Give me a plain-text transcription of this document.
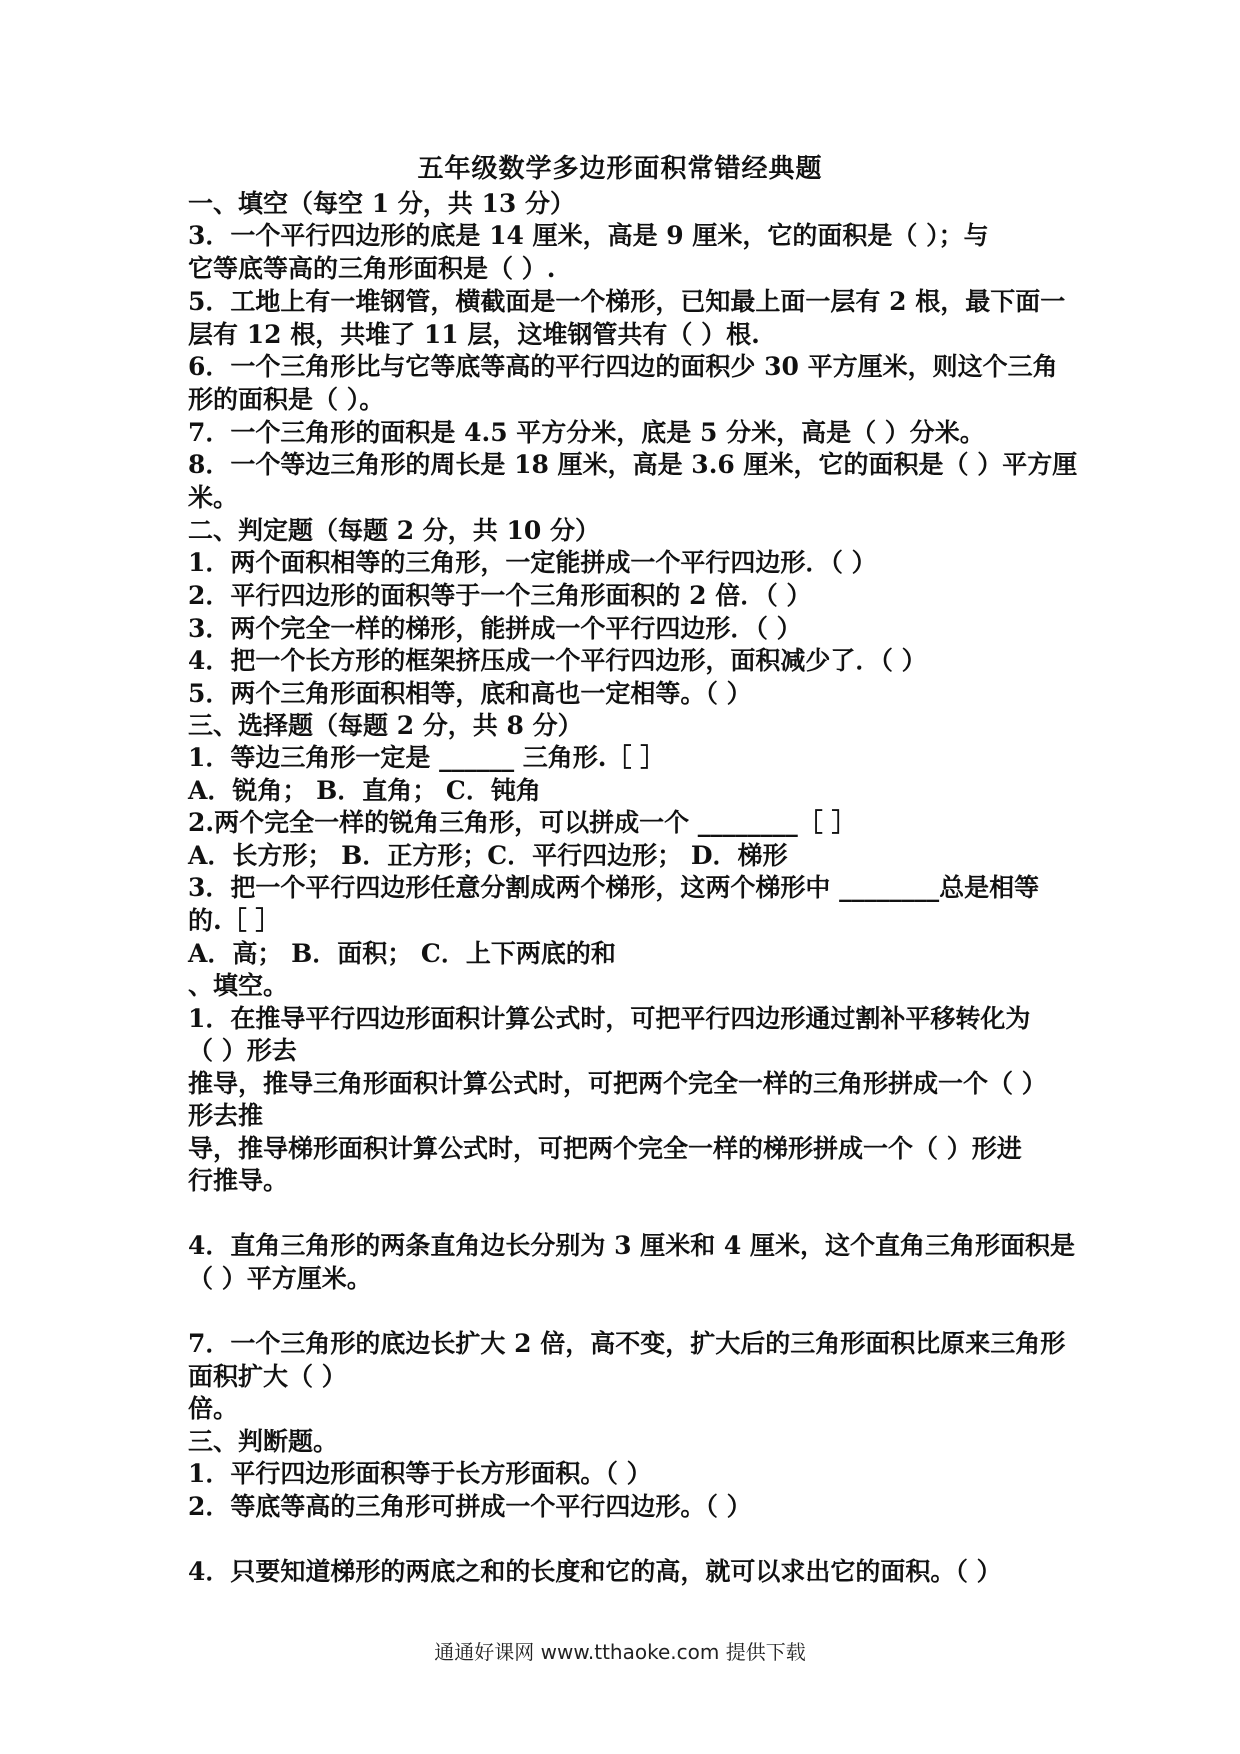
五年级数学多边形面积常错经典题
一、填空（每空 1 分，共 13 分）
3．一个平行四边形的底是 14 厘米，高是 9 厘米，它的面积是（ ）；与
它等底等高的三角形面积是（ ）.
5．工地上有一堆钢管，横截面是一个梯形，已知最上面一层有 2 根，最下面一
层有 12 根，共堆了 11 层，这堆钢管共有（ ）根.
6．一个三角形比与它等底等高的平行四边的面积少 30 平方厘米，则这个三角
形的面积是（ ）。
7．一个三角形的面积是 4.5 平方分米，底是 5 分米，高是（ ）分米。
8．一个等边三角形的周长是 18 厘米，高是 3.6 厘米，它的面积是（ ）平方厘
米。
二、判定题（每题 2 分，共 10 分）
1．两个面积相等的三角形，一定能拼成一个平行四边形．（ ）
2．平行四边形的面积等于一个三角形面积的 2 倍．（ ）
3．两个完全一样的梯形，能拼成一个平行四边形．（ ）
4．把一个长方形的框架挤压成一个平行四边形，面积减少了．（ ）
5．两个三角形面积相等，底和高也一定相等。（ ）
三、选择题（每题 2 分，共 8 分）
1．等边三角形一定是 ______ 三角形.［ ］
A．锐角； B．直角； C．钝角
2.两个完全一样的锐角三角形，可以拼成一个 ________［ ］
A．长方形； B．正方形；C．平行四边形； D．梯形
3．把一个平行四边形任意分割成两个梯形，这两个梯形中 ________总是相等
的.［ ］
A．高； B．面积； C．上下两底的和
、填空。
1．在推导平行四边形面积计算公式时，可把平行四边形通过割补平移转化为
（ ）形去
推导，推导三角形面积计算公式时，可把两个完全一样的三角形拼成一个（ ）
形去推
导，推导梯形面积计算公式时，可把两个完全一样的梯形拼成一个（ ）形进
行推导。
4．直角三角形的两条直角边长分别为 3 厘米和 4 厘米，这个直角三角形面积是
（ ）平方厘米。
7．一个三角形的底边长扩大 2 倍，高不变，扩大后的三角形面积比原来三角形
面积扩大（ ）
倍。
三、判断题。
1．平行四边形面积等于长方形面积。（ ）
2．等底等高的三角形可拼成一个平行四边形。（ ）
4．只要知道梯形的两底之和的长度和它的高，就可以求出它的面积。（ ）
通通好课网 www.tthaoke.com 提供下载
